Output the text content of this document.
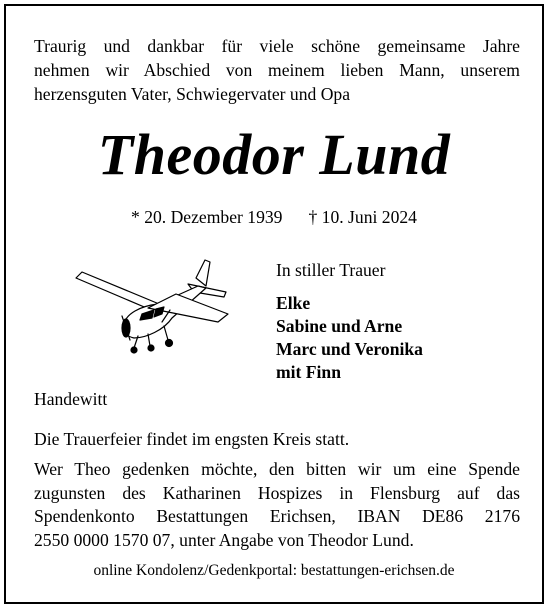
Traurig und dankbar für viele schöne gemeinsame Jahre
nehmen wir Abschied von meinem lieben Mann, unserem
herzensguten Vater, Schwiegervater und Opa
Theodor Lund
* 20. Dezember 1939 † 10. Juni 2024
In stiller Trauer
Elke
Sabine und Arne
Marc und Veronika
mit Finn
Handewitt
Die Trauerfeier findet im engsten Kreis statt.
Wer Theo gedenken möchte, den bitten wir um eine Spende
zugunsten des Katharinen Hospizes in Flensburg auf das
Spendenkonto Bestattungen Erichsen, IBAN DE86 2176
2550 0000 1570 07, unter Angabe von Theodor Lund.
online Kondolenz/Gedenkportal: bestattungen-erichsen.de
